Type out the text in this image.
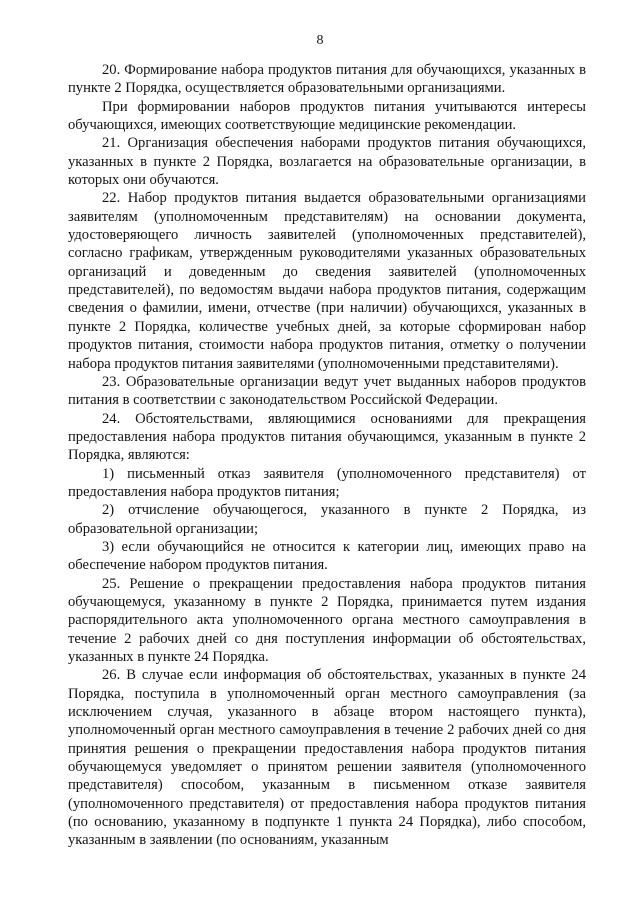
8

20. Формирование набора продуктов питания для обучающихся, указанных в пункте 2 Порядка, осуществляется образовательными организациями.

При формировании наборов продуктов питания учитываются интересы обучающихся, имеющих соответствующие медицинские рекомендации.

21. Организация обеспечения наборами продуктов питания обучающихся, указанных в пункте 2 Порядка, возлагается на образовательные организации, в которых они обучаются.

22. Набор продуктов питания выдается образовательными организациями заявителям (уполномоченным представителям) на основании документа, удостоверяющего личность заявителей (уполномоченных представителей), согласно графикам, утвержденным руководителями указанных образовательных организаций и доведенным до сведения заявителей (уполномоченных представителей), по ведомостям выдачи набора продуктов питания, содержащим сведения о фамилии, имени, отчестве (при наличии) обучающихся, указанных в пункте 2 Порядка, количестве учебных дней, за которые сформирован набор продуктов питания, стоимости набора продуктов питания, отметку о получении набора продуктов питания заявителями (уполномоченными представителями).

23. Образовательные организации ведут учет выданных наборов продуктов питания в соответствии с законодательством Российской Федерации.

24. Обстоятельствами, являющимися основаниями для прекращения предоставления набора продуктов питания обучающимся, указанным в пункте 2 Порядка, являются:

1) письменный отказ заявителя (уполномоченного представителя) от предоставления набора продуктов питания;

2) отчисление обучающегося, указанного в пункте 2 Порядка, из образовательной организации;

3) если обучающийся не относится к категории лиц, имеющих право на обеспечение набором продуктов питания.

25. Решение о прекращении предоставления набора продуктов питания обучающемуся, указанному в пункте 2 Порядка, принимается путем издания распорядительного акта уполномоченного органа местного самоуправления в течение 2 рабочих дней со дня поступления информации об обстоятельствах, указанных в пункте 24 Порядка.

26. В случае если информация об обстоятельствах, указанных в пункте 24 Порядка, поступила в уполномоченный орган местного самоуправления (за исключением случая, указанного в абзаце втором настоящего пункта), уполномоченный орган местного самоуправления в течение 2 рабочих дней со дня принятия решения о прекращении предоставления набора продуктов питания обучающемуся уведомляет о принятом решении заявителя (уполномоченного представителя) способом, указанным в письменном отказе заявителя (уполномоченного представителя) от предоставления набора продуктов питания (по основанию, указанному в подпункте 1 пункта 24 Порядка), либо способом, указанным в заявлении (по основаниям, указанным
